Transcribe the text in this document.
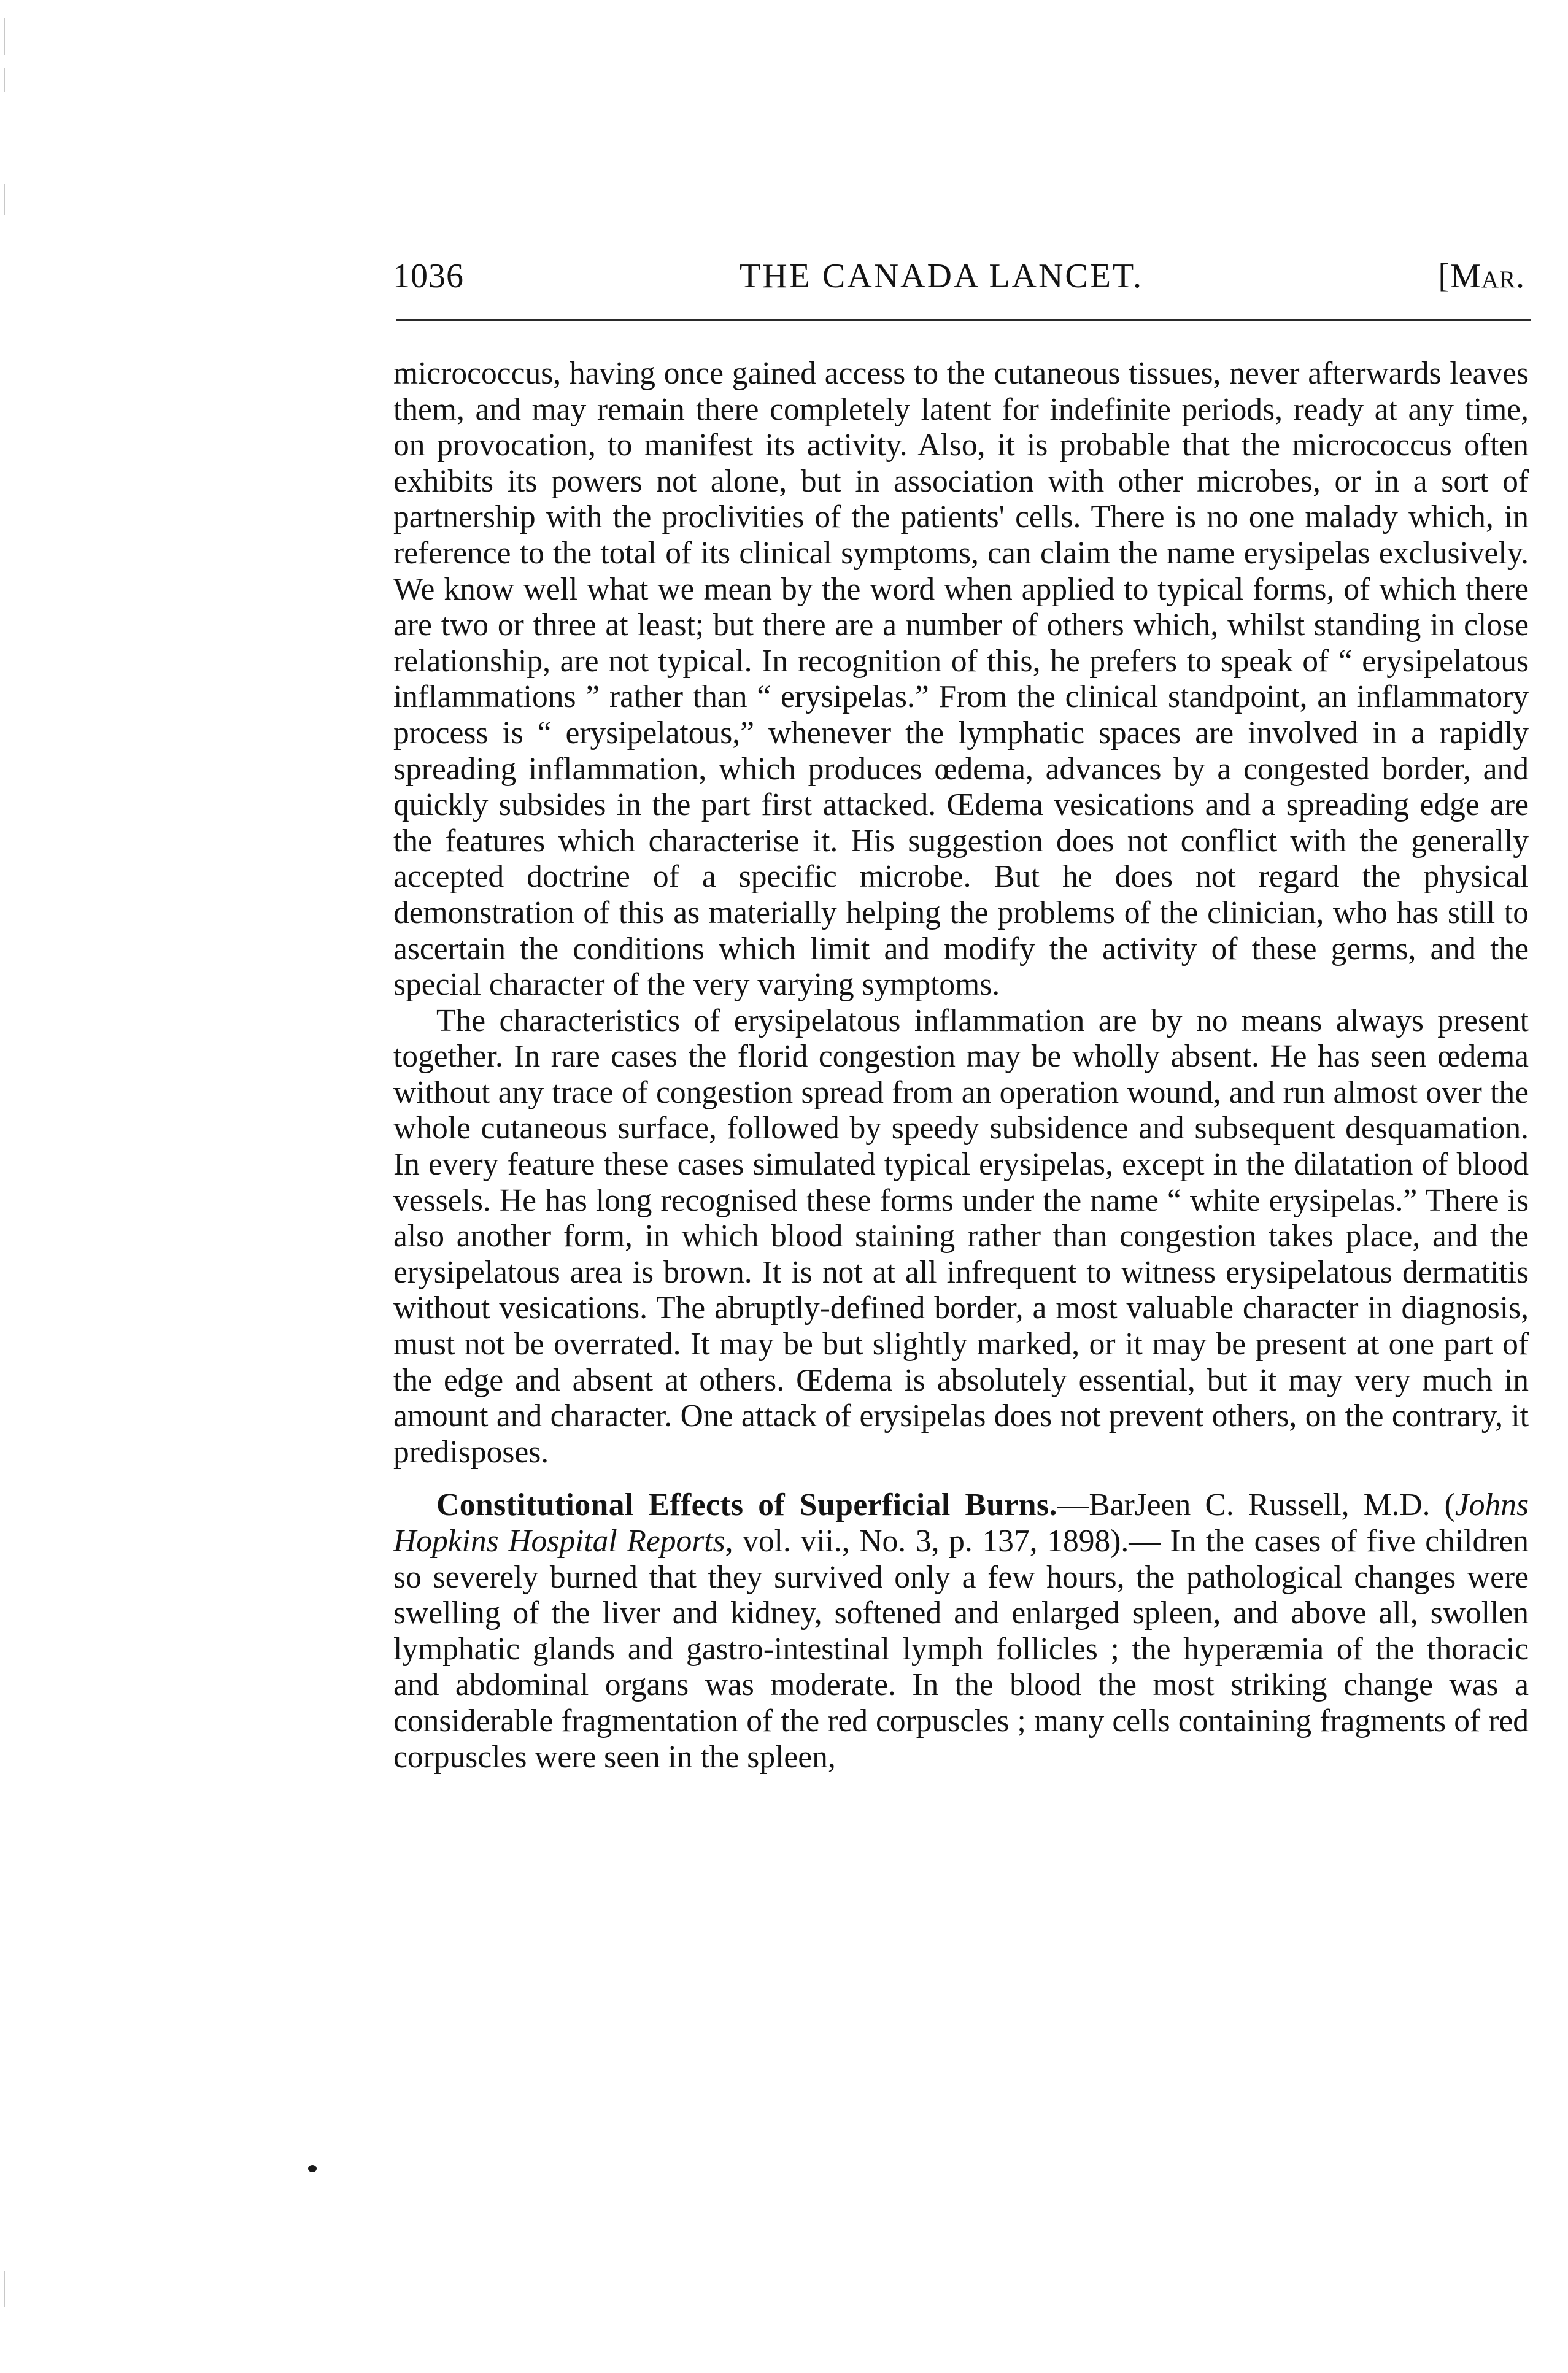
1036	THE CANADA LANCET.	[Mar.

micrococcus, having once gained access to the cutaneous tissues, never afterwards leaves them, and may remain there completely latent for indefinite periods, ready at any time, on provocation, to manifest its activity. Also, it is probable that the micrococcus often exhibits its powers not alone, but in association with other microbes, or in a sort of partnership with the proclivities of the patients' cells. There is no one malady which, in reference to the total of its clinical symptoms, can claim the name erysipelas exclusively. We know well what we mean by the word when applied to typical forms, of which there are two or three at least; but there are a number of others which, whilst standing in close relationship, are not typical. In recognition of this, he prefers to speak of “ erysipelatous inflammations ” rather than “ erysipelas.” From the clinical standpoint, an inflammatory process is “ erysipelatous,” whenever the lymphatic spaces are involved in a rapidly spreading inflammation, which produces œdema, advances by a congested border, and quickly subsides in the part first attacked. Œdema vesications and a spreading edge are the features which characterise it. His suggestion does not conflict with the generally accepted doctrine of a specific microbe. But he does not regard the physical demonstration of this as materially helping the problems of the clinician, who has still to ascertain the conditions which limit and modify the activity of these germs, and the special character of the very varying symptoms.

The characteristics of erysipelatous inflammation are by no means always present together. In rare cases the florid congestion may be wholly absent. He has seen œdema without any trace of congestion spread from an operation wound, and run almost over the whole cutaneous surface, followed by speedy subsidence and subsequent desquamation. In every feature these cases simulated typical erysipelas, except in the dilatation of blood vessels. He has long recognised these forms under the name “ white erysipelas.” There is also another form, in which blood staining rather than congestion takes place, and the erysipelatous area is brown. It is not at all infrequent to witness erysipelatous dermatitis without vesications. The abruptly-defined border, a most valuable character in diagnosis, must not be overrated. It may be but slightly marked, or it may be present at one part of the edge and absent at others. Œdema is absolutely essential, but it may very much in amount and character. One attack of erysipelas does not prevent others, on the contrary, it predisposes.

Constitutional Effects of Superficial Burns.—BarJeen C. Russell, M.D. (Johns Hopkins Hospital Reports, vol. vii., No. 3, p. 137, 1898).— In the cases of five children so severely burned that they survived only a few hours, the pathological changes were swelling of the liver and kidney, softened and enlarged spleen, and above all, swollen lymphatic glands and gastro-intestinal lymph follicles ; the hyperæmia of the thoracic and abdominal organs was moderate. In the blood the most striking change was a considerable fragmentation of the red corpuscles ; many cells containing fragments of red corpuscles were seen in the spleen,
